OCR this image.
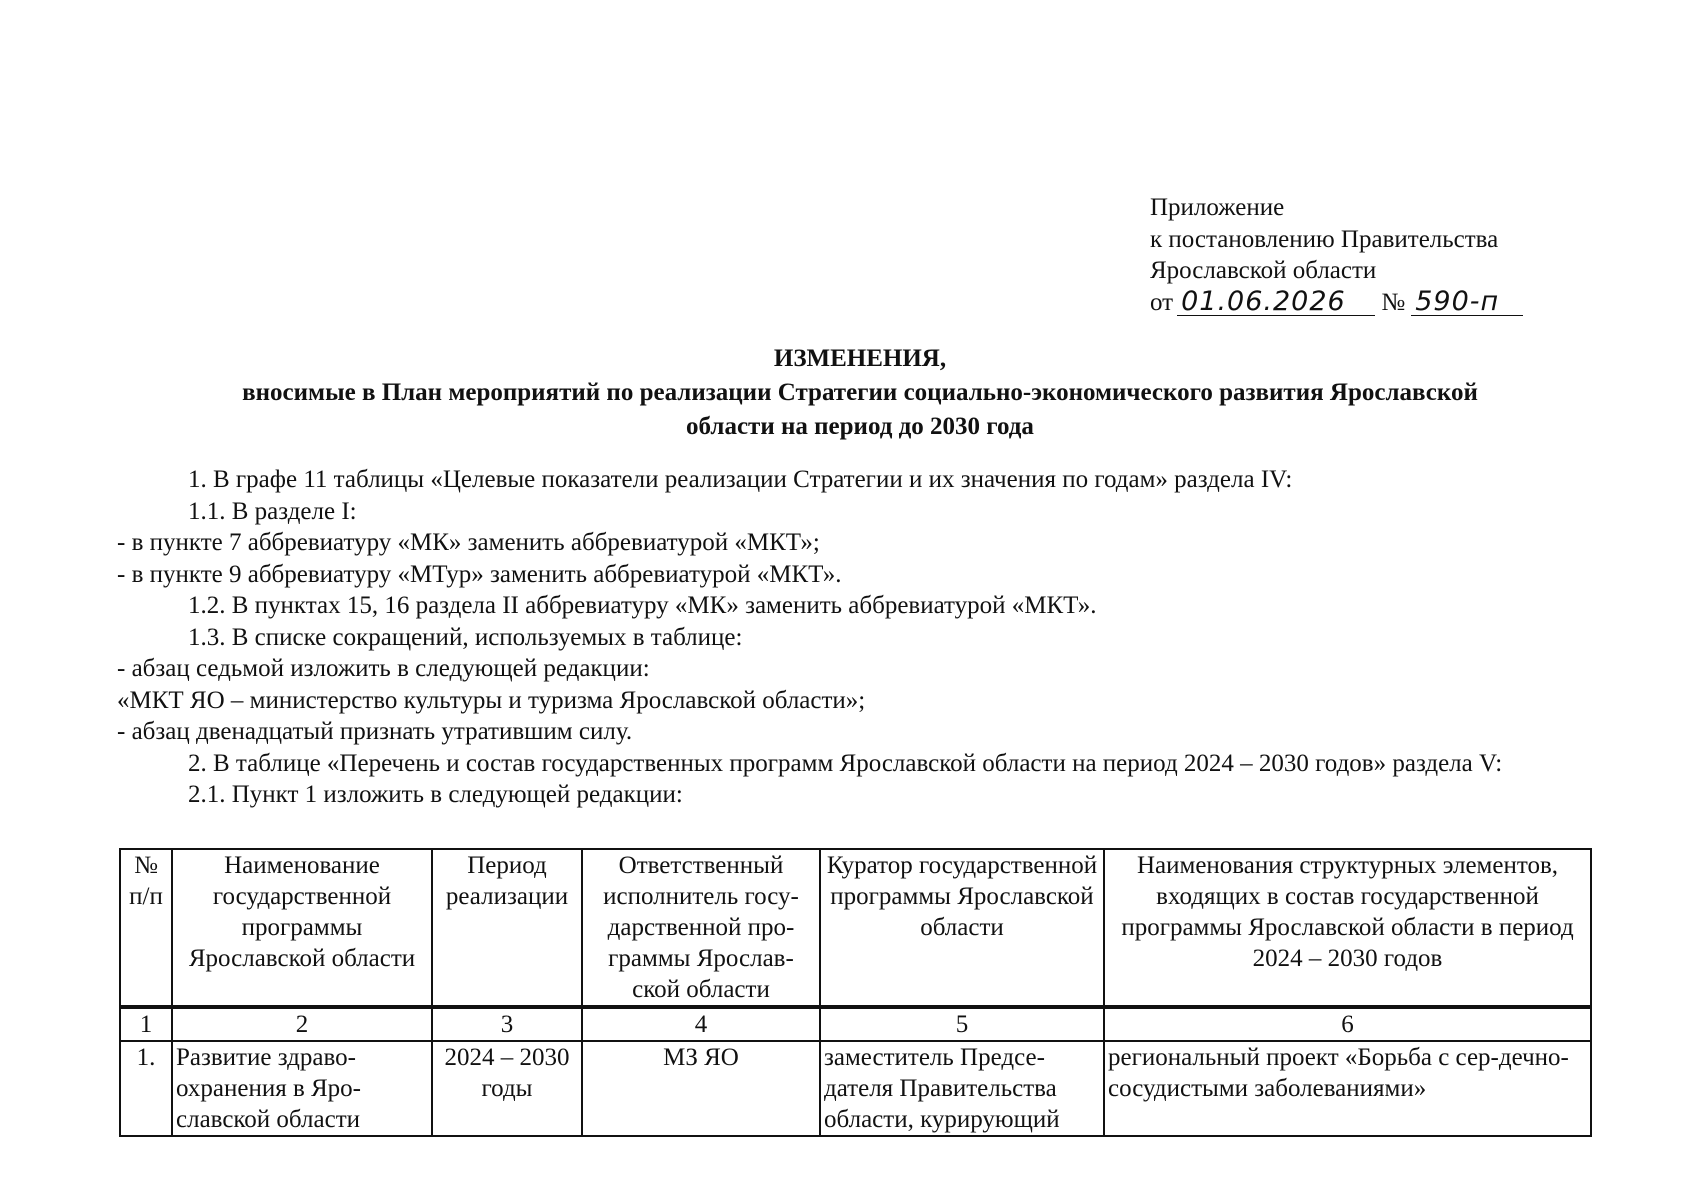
Приложение
к постановлению Правительства
Ярославской области
от 01.06.2026 № 590-п
ИЗМЕНЕНИЯ,
вносимые в План мероприятий по реализации Стратегии социально-экономического развития Ярославской
области на период до 2030 года

1. В графе 11 таблицы «Целевые показатели реализации Стратегии и их значения по годам» раздела IV:

1.1. В разделе I:

- в пункте 7 аббревиатуру «МК» заменить аббревиатурой «МКТ»;

- в пункте 9 аббревиатуру «МТур» заменить аббревиатурой «МКТ».

1.2. В пунктах 15, 16 раздела II аббревиатуру «МК» заменить аббревиатурой «МКТ».

1.3. В списке сокращений, используемых в таблице:

- абзац седьмой изложить в следующей редакции:

«МКТ ЯО – министерство культуры и туризма Ярославской области»;

- абзац двенадцатый признать утратившим силу.

2. В таблице «Перечень и состав государственных программ Ярославской области на период 2024 – 2030 годов» раздела V:

2.1. Пункт 1 изложить в следующей редакции:

№ п/п	Наименование государственной программы Ярославской области	Период реализации	Ответственный исполнитель госу-дарственной про-граммы Ярослав-ской области	Куратор государственной программы Ярославской области	Наименования структурных элементов, входящих в состав государственной программы Ярославской области в период 2024 – 2030 годов

1	2	3	4	5	6
1.	Развитие здраво-охранения в Яро-славской области	2024 – 2030 годы	МЗ ЯО	заместитель Предсе-дателя Правительства области, курирующий	региональный проект «Борьба с сер-дечно-сосудистыми заболеваниями»
